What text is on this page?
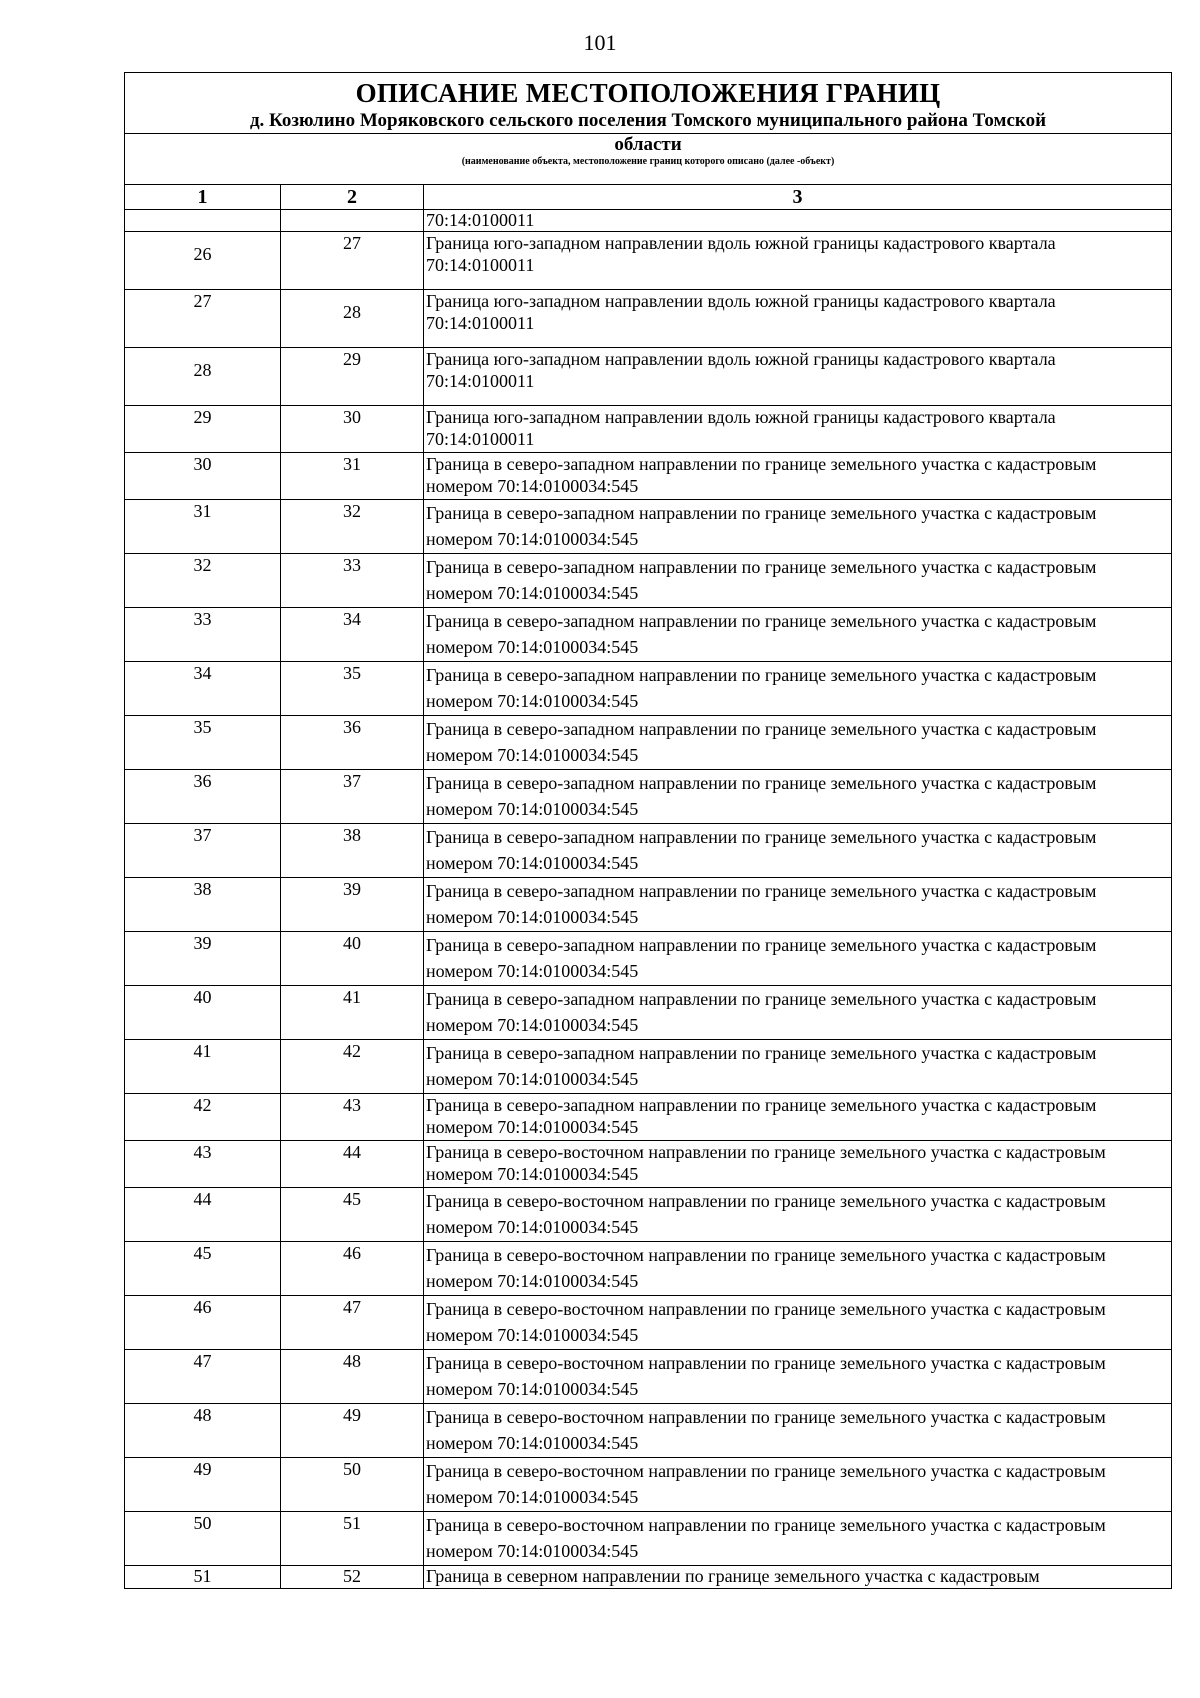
101
ОПИСАНИЕ МЕСТОПОЛОЖЕНИЯ ГРАНИЦ
д. Козюлино Моряковского сельского поселения Томского муниципального района Томской		

области
(наименование объекта, местоположение границ которого описано (далее -объект)		

1	2	3
		70:14:0100011
26	27	Граница юго-западном направлении вдоль южной границы кадастрового квартала 70:14:0100011
27	28	Граница юго-западном направлении вдоль южной границы кадастрового квартала 70:14:0100011
28	29	Граница юго-западном направлении вдоль южной границы кадастрового квартала 70:14:0100011
29	30	Граница юго-западном направлении вдоль южной границы кадастрового квартала 70:14:0100011
30	31	Граница в северо-западном направлении по границе земельного участка с кадастровым номером 70:14:0100034:545
31	32	Граница в северо-западном направлении по границе земельного участка с кадастровым номером 70:14:0100034:545
32	33	Граница в северо-западном направлении по границе земельного участка с кадастровым номером 70:14:0100034:545
33	34	Граница в северо-западном направлении по границе земельного участка с кадастровым номером 70:14:0100034:545
34	35	Граница в северо-западном направлении по границе земельного участка с кадастровым номером 70:14:0100034:545
35	36	Граница в северо-западном направлении по границе земельного участка с кадастровым номером 70:14:0100034:545
36	37	Граница в северо-западном направлении по границе земельного участка с кадастровым номером 70:14:0100034:545
37	38	Граница в северо-западном направлении по границе земельного участка с кадастровым номером 70:14:0100034:545
38	39	Граница в северо-западном направлении по границе земельного участка с кадастровым номером 70:14:0100034:545
39	40	Граница в северо-западном направлении по границе земельного участка с кадастровым номером 70:14:0100034:545
40	41	Граница в северо-западном направлении по границе земельного участка с кадастровым номером 70:14:0100034:545
41	42	Граница в северо-западном направлении по границе земельного участка с кадастровым номером 70:14:0100034:545
42	43	Граница в северо-западном направлении по границе земельного участка с кадастровым номером 70:14:0100034:545
43	44	Граница в северо-восточном направлении по границе земельного участка с кадастровым номером 70:14:0100034:545
44	45	Граница в северо-восточном направлении по границе земельного участка с кадастровым номером 70:14:0100034:545
45	46	Граница в северо-восточном направлении по границе земельного участка с кадастровым номером 70:14:0100034:545
46	47	Граница в северо-восточном направлении по границе земельного участка с кадастровым номером 70:14:0100034:545
47	48	Граница в северо-восточном направлении по границе земельного участка с кадастровым номером 70:14:0100034:545
48	49	Граница в северо-восточном направлении по границе земельного участка с кадастровым номером 70:14:0100034:545
49	50	Граница в северо-восточном направлении по границе земельного участка с кадастровым номером 70:14:0100034:545
50	51	Граница в северо-восточном направлении по границе земельного участка с кадастровым номером 70:14:0100034:545
51	52	Граница в северном направлении по границе земельного участка с кадастровым
